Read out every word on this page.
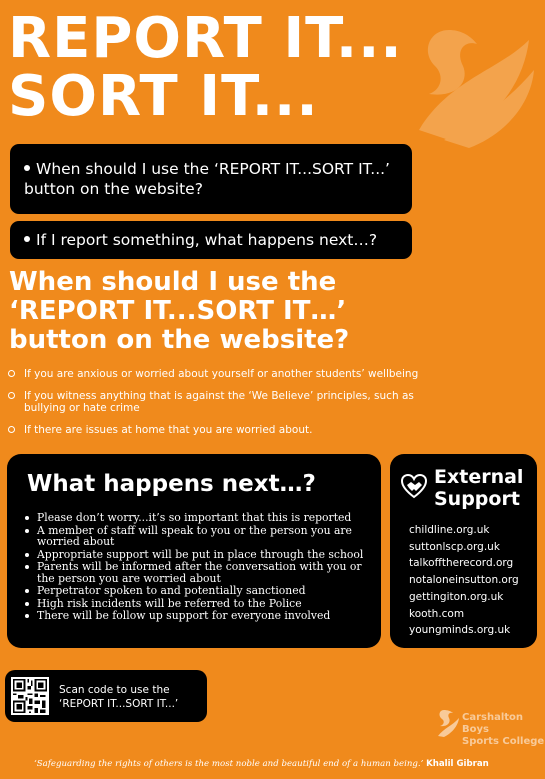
REPORT IT...
SORT IT...
When should I use the ‘REPORT IT...SORT IT...’ button on the website?
If I report something, what happens next…?
When should I use the
‘REPORT IT...SORT IT…’
button on the website?
If you are anxious or worried about yourself or another students’ wellbeing
If you witness anything that is against the ‘We Believe’ principles, such as bullying or hate crime
If there are issues at home that you are worried about.
What happens next…?
Please don’t worry...it’s so important that this is reported
A member of staff will speak to you or the person you are worried about
Appropriate support will be put in place through the school
Parents will be informed after the conversation with you or the person you are worried about
Perpetrator spoken to and potentially sanctioned
High risk incidents will be referred to the Police
There will be follow up support for everyone involved
External
Support
childline.org.uk
suttonlscp.org.uk
talkofftherecord.org
notaloneinsutton.org
gettingiton.org.uk
kooth.com
youngminds.org.uk
Scan code to use the
‘REPORT IT...SORT IT...’
Carshalton Boys
Sports College
‘Safeguarding the rights of others is the most noble and beautiful end of a human being.’ Khalil Gibran
